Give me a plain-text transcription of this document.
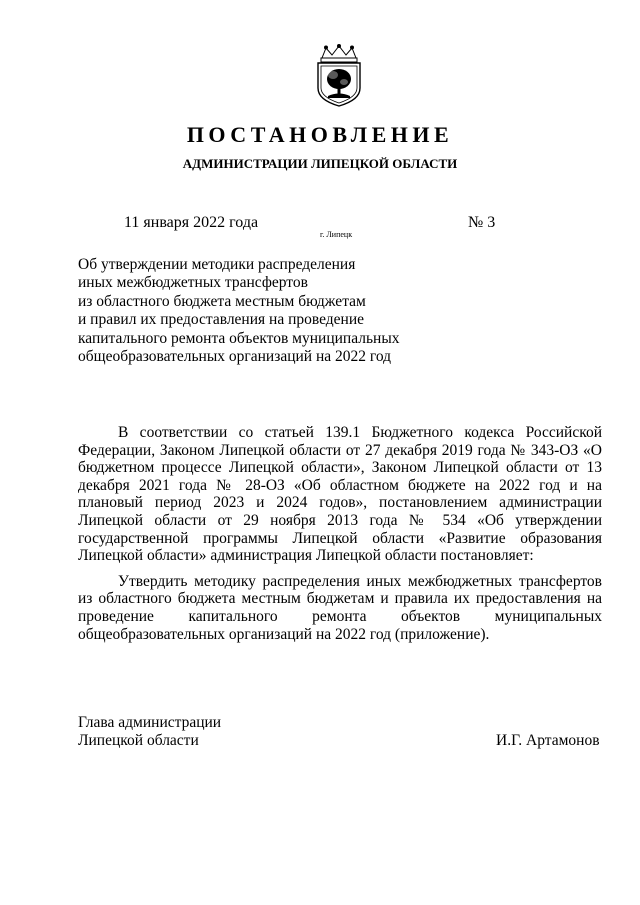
ПОСТАНОВЛЕНИЕ
АДМИНИСТРАЦИИ ЛИПЕЦКОЙ ОБЛАСТИ
11 января 2022 года
г. Липецк
№ 3
Об утверждении методики распределения
иных межбюджетных трансфертов
из областного бюджета местным бюджетам
и правил их предоставления на проведение
капитального ремонта объектов муниципальных
общеобразовательных организаций на 2022 год

В соответствии со статьей 139.1 Бюджетного кодекса Российской Федерации, Законом Липецкой области от 27 декабря 2019 года № 343-ОЗ «О бюджетном процессе Липецкой области», Законом Липецкой области от 13 декабря 2021 года № 28-ОЗ «Об областном бюджете на 2022 год и на плановый период 2023 и 2024 годов», постановлением администрации Липецкой области от 29 ноября 2013 года № 534 «Об утверждении государственной программы Липецкой области «Развитие образования Липецкой области» администрация Липецкой области постановляет:

Утвердить методику распределения иных межбюджетных трансфертов из областного бюджета местным бюджетам и правила их предоставления на проведение капитального ремонта объектов муниципальных общеобразовательных организаций на 2022 год (приложение).

Глава администрации
Липецкой области	И.Г. Артамонов
